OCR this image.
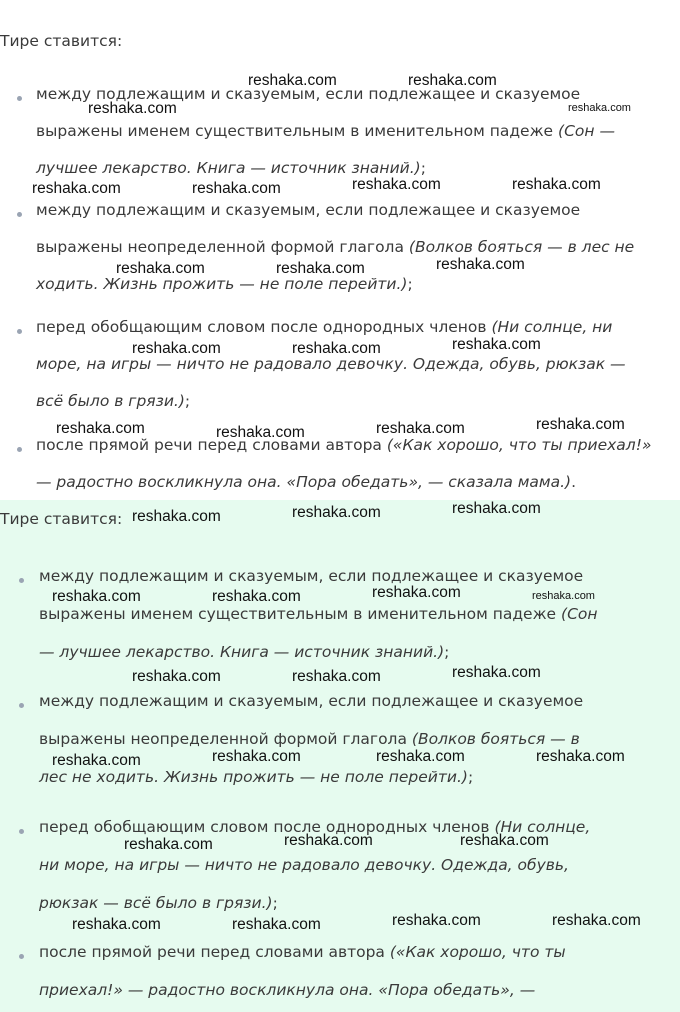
Тире ставится:
между подлежащим и сказуемым, если подлежащее и сказуемое
выражены именем существительным в именительном падеже (Сон —
лучшее лекарство. Книга — источник знаний.);
между подлежащим и сказуемым, если подлежащее и сказуемое
выражены неопределенной формой глагола (Волков бояться — в лес не
ходить. Жизнь прожить — не поле перейти.);
перед обобщающим словом после однородных членов (Ни солнце, ни
море, на игры — ничто не радовало девочку. Одежда, обувь, рюкзак —
всё было в грязи.);
после прямой речи перед словами автора («Как хорошо, что ты приехал!»
— радостно воскликнула она. «Пора обедать», — сказала мама.).
Тире ставится:
между подлежащим и сказуемым, если подлежащее и сказуемое
выражены именем существительным в именительном падеже (Сон
— лучшее лекарство. Книга — источник знаний.);
между подлежащим и сказуемым, если подлежащее и сказуемое
выражены неопределенной формой глагола (Волков бояться — в
лес не ходить. Жизнь прожить — не поле перейти.);
перед обобщающим словом после однородных членов (Ни солнце,
ни море, на игры — ничто не радовало девочку. Одежда, обувь,
рюкзак — всё было в грязи.);
после прямой речи перед словами автора («Как хорошо, что ты
приехал!» — радостно воскликнула она. «Пора обедать», —
reshaka.com	reshaka.com
reshaka.com	reshaka.com
reshaka.com	reshaka.com	reshaka.com	reshaka.com
reshaka.com	reshaka.com	reshaka.com
reshaka.com	reshaka.com	reshaka.com
reshaka.com	reshaka.com	reshaka.com	reshaka.com
reshaka.com	reshaka.com	reshaka.com
reshaka.com	reshaka.com	reshaka.com	reshaka.com
reshaka.com	reshaka.com	reshaka.com
reshaka.com	reshaka.com	reshaka.com	reshaka.com
reshaka.com	reshaka.com	reshaka.com
reshaka.com	reshaka.com	reshaka.com	reshaka.com
